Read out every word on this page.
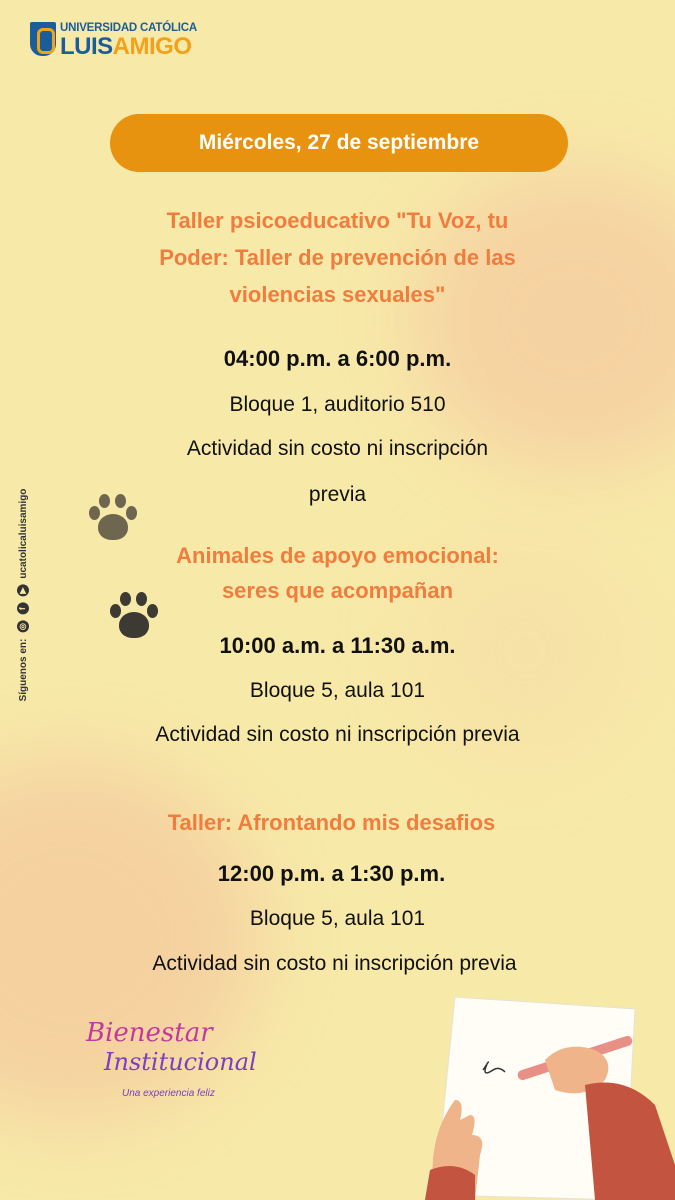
UNIVERSIDAD CATÓLICA
LUISAMIGO
Síguenos en:
◎
f
▶
ucatolicaluisamigo
Miércoles, 27 de septiembre
Taller psicoeducativo "Tu Voz, tu
Poder: Taller de prevención de las
violencias sexuales"
04:00 p.m. a 6:00 p.m.
Bloque 1, auditorio 510
Actividad sin costo ni inscripción
previa
Animales de apoyo emocional:
seres que acompañan
10:00 a.m. a 11:30 a.m.
Bloque 5, aula 101
Actividad sin costo ni inscripción previa
Taller: Afrontando mis desafios
12:00 p.m. a 1:30 p.m.
Bloque 5, aula 101
Actividad sin costo ni inscripción previa
Bienestar
Institucional
Una experiencia feliz
